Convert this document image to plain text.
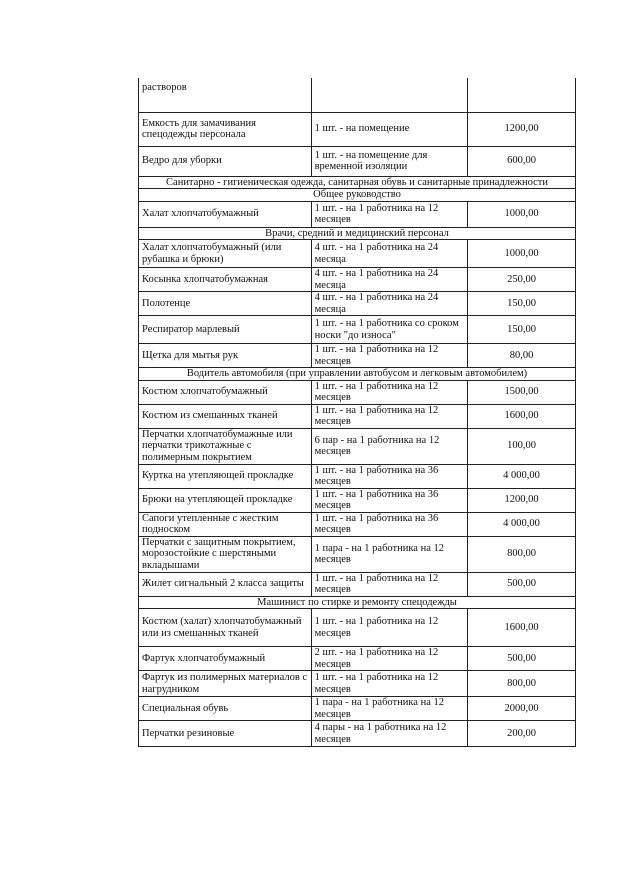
растворов		
Емкость для замачивания спецодежды персонала	1 шт. - на помещение	1200,00
Ведро для уборки	1 шт. - на помещение для временной изоляции	600,00
Санитарно - гигиеническая одежда, санитарная обувь и санитарные принадлежности		
Общее руководство		
Халат хлопчатобумажный	1 шт. - на 1 работника на 12 месяцев	1000,00
Врачи, средний и медицинский персонал		
Халат хлопчатобумажный (или рубашка и брюки)	4 шт. - на 1 работника на 24 месяца	1000,00
Косынка хлопчатобумажная	4 шт. - на 1 работника на 24 месяца	250,00
Полотенце	4 шт. - на 1 работника на 24 месяца	150,00
Респиратор марлевый	1 шт. - на 1 работника со сроком носки "до износа"	150,00
Щетка для мытья рук	1 шт. - на 1 работника на 12 месяцев	80,00
Водитель автомобиля (при управлении автобусом и легковым автомобилем)		
Костюм хлопчатобумажный	1 шт. - на 1 работника на 12 месяцев	1500,00
Костюм из смешанных тканей	1 шт. - на 1 работника на 12 месяцев	1600,00
Перчатки хлопчатобумажные или перчатки трикотажные с полимерным покрытием	6 пар - на 1 работника на 12 месяцев	100,00
Куртка на утепляющей прокладке	1 шт. - на 1 работника на 36 месяцев	4 000,00
Брюки на утепляющей прокладке	1 шт. - на 1 работника на 36 месяцев	1200,00
Сапоги утепленные с жестким подноском	1 шт. - на 1 работника на 36 месяцев	4 000,00
Перчатки с защитным покрытием, морозостойкие с шерстяными вкладышами	1 пара - на 1 работника на 12 месяцев	800,00
Жилет сигнальный 2 класса защиты	1 шт. - на 1 работника на 12 месяцев	500,00
Машинист по стирке и ремонту спецодежды		
Костюм (халат) хлопчатобумажный или из смешанных тканей	1 шт. - на 1 работника на 12 месяцев	1600,00
Фартук хлопчатобумажный	2 шт. - на 1 работника на 12 месяцев	500,00
Фартук из полимерных материалов с нагрудником	1 шт. - на 1 работника на 12 месяцев	800,00
Специальная обувь	1 пара - на 1 работника на 12 месяцев	2000,00
Перчатки резиновые	4 пары - на 1 работника на 12 месяцев	200,00
